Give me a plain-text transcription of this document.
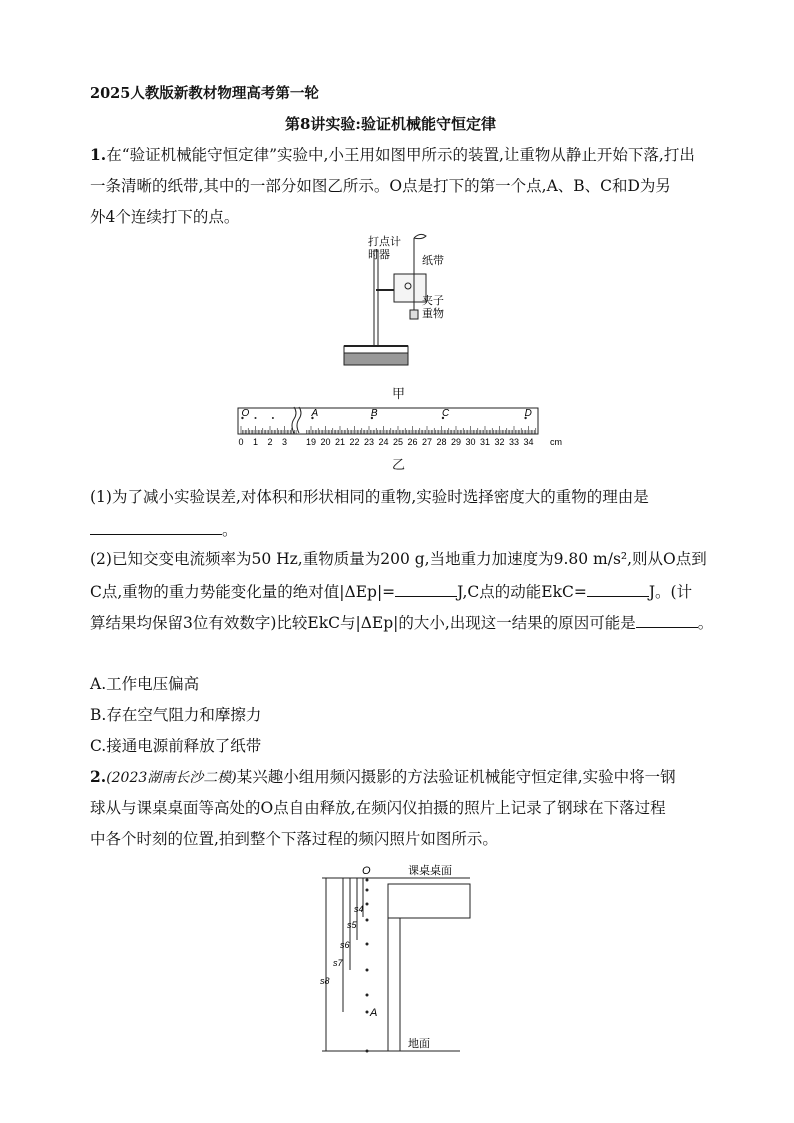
2025人教版新教材物理高考第一轮
第8讲实验:验证机械能守恒定律
1.在“验证机械能守恒定律”实验中,小王用如图甲所示的装置,让重物从静止开始下落,打出
一条清晰的纸带,其中的一部分如图乙所示。O点是打下的第一个点,A、B、C和D为另
外4个连续打下的点。
打点计
时器	纸带
夹子
重物
甲
O	A	B	C	D
0 1 2 3 19 20 21 22 23 24 25 26 27 28 29 30 31 32 33 34 cm
乙
(1)为了减小实验误差,对体积和形状相同的重物,实验时选择密度大的重物的理由是
。
(2)已知交变电流频率为50 Hz,重物质量为200 g,当地重力加速度为9.80 m/s²,则从O点到
C点,重物的重力势能变化量的绝对值|ΔEp|=	J,C点的动能EkC=	J。(计
算结果均保留3位有效数字)比较EkC与|ΔEp|的大小,出现这一结果的原因可能是	。
A.工作电压偏高
B.存在空气阻力和摩擦力
C.接通电源前释放了纸带
2.(2023湖南长沙二模)某兴趣小组用频闪摄影的方法验证机械能守恒定律,实验中将一钢
球从与课桌桌面等高处的O点自由释放,在频闪仪拍摄的照片上记录了钢球在下落过程
中各个时刻的位置,拍到整个下落过程的频闪照片如图所示。
O	课桌桌面
地面
A
s4
s5
s6
s7
s8
